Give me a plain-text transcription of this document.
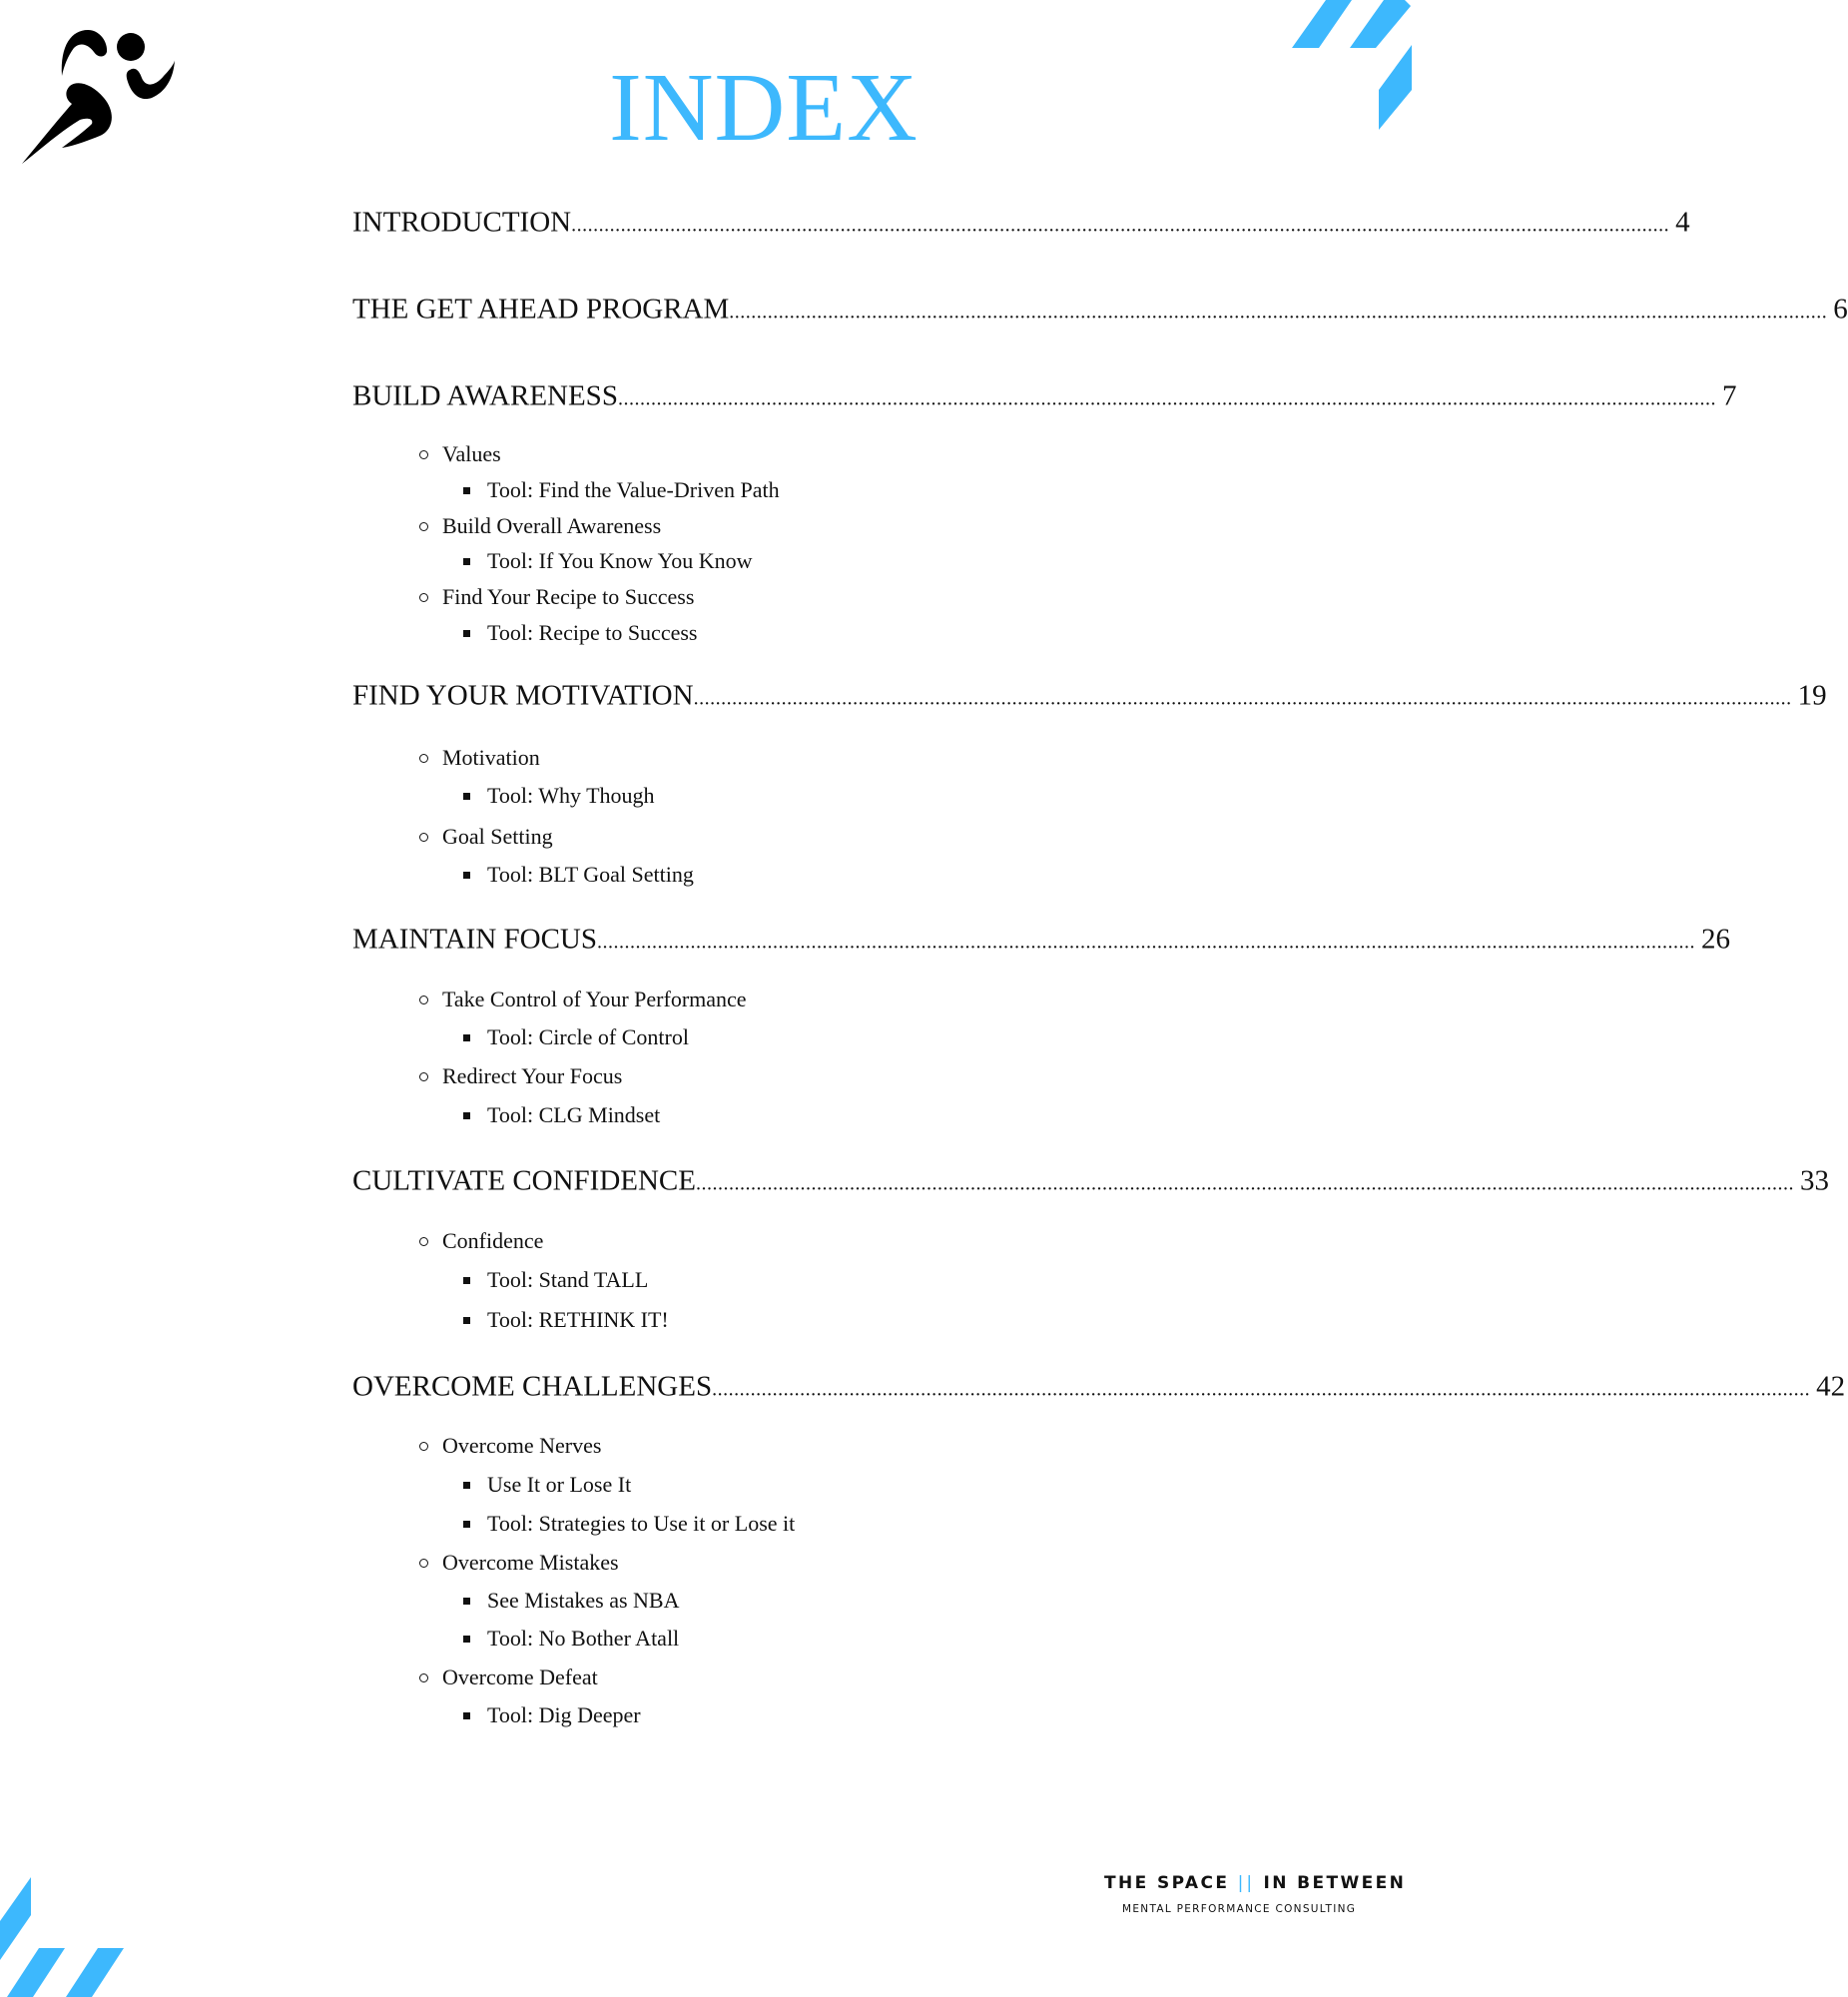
INDEX
INTRODUCTION ........................................................................................................................................................................................................ 4
THE GET AHEAD PROGRAM ........................................................................................................................................................................................................ 6
BUILD AWARENESS ........................................................................................................................................................................................................ 7
Values
Tool: Find the Value-Driven Path
Build Overall Awareness
Tool: If You Know You Know
Find Your Recipe to Success
Tool: Recipe to Success
FIND YOUR MOTIVATION ........................................................................................................................................................................................................ 19
Motivation
Tool: Why Though
Goal Setting
Tool: BLT Goal Setting
MAINTAIN FOCUS ........................................................................................................................................................................................................ 26
Take Control of Your Performance
Tool: Circle of Control
Redirect Your Focus
Tool: CLG Mindset
CULTIVATE CONFIDENCE ........................................................................................................................................................................................................ 33
Confidence
Tool: Stand TALL
Tool: RETHINK IT!
OVERCOME CHALLENGES ........................................................................................................................................................................................................ 42
Overcome Nerves
Use It or Lose It
Tool: Strategies to Use it or Lose it
Overcome Mistakes
See Mistakes as NBA
Tool: No Bother Atall
Overcome Defeat
Tool: Dig Deeper
THE SPACE || IN BETWEEN
MENTAL PERFORMANCE CONSULTING
